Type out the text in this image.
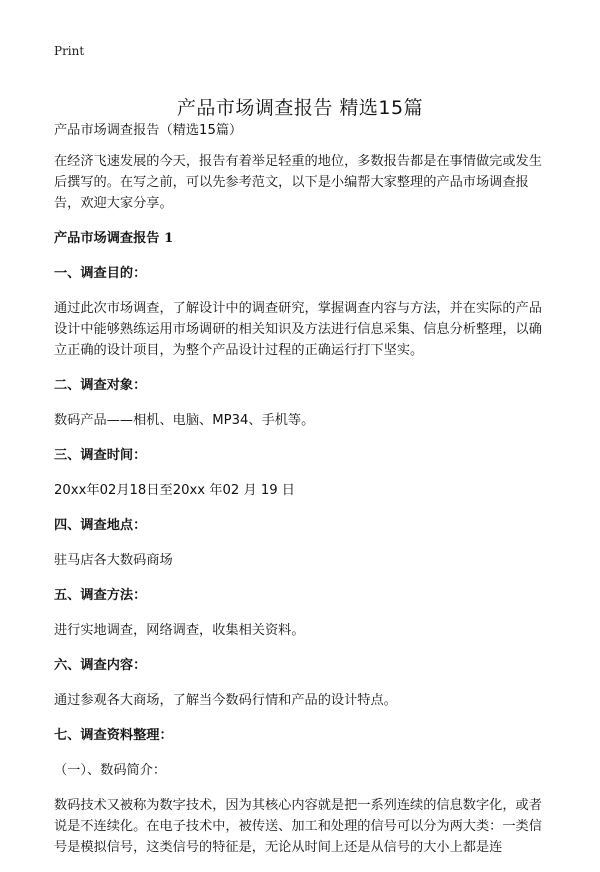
Print
产品市场调查报告 精选15篇

产品市场调查报告（精选15篇）

在经济飞速发展的今天，报告有着举足轻重的地位，多数报告都是在事情做完或发生后撰写的。在写之前，可以先参考范文，以下是小编帮大家整理的产品市场调查报告，欢迎大家分享。

产品市场调查报告 1

一、调查目的：

通过此次市场调查，了解设计中的调查研究，掌握调查内容与方法，并在实际的产品设计中能够熟练运用市场调研的相关知识及方法进行信息采集、信息分析整理，以确立正确的设计项目，为整个产品设计过程的正确运行打下坚实。

二、调查对象：

数码产品——相机、电脑、MP34、手机等。

三、调查时间：

20xx年02月18日至20xx 年02 月 19 日

四、调查地点：

驻马店各大数码商场

五、调查方法：

进行实地调查，网络调查，收集相关资料。

六、调查内容：

通过参观各大商场，了解当今数码行情和产品的设计特点。

七、调查资料整理：

（一）、数码简介：

数码技术又被称为数字技术，因为其核心内容就是把一系列连续的信息数字化，或者说是不连续化。在电子技术中，被传送、加工和处理的信号可以分为两大类：一类信号是模拟信号，这类信号的特征是，无论从时间上还是从信号的大小上都是连
